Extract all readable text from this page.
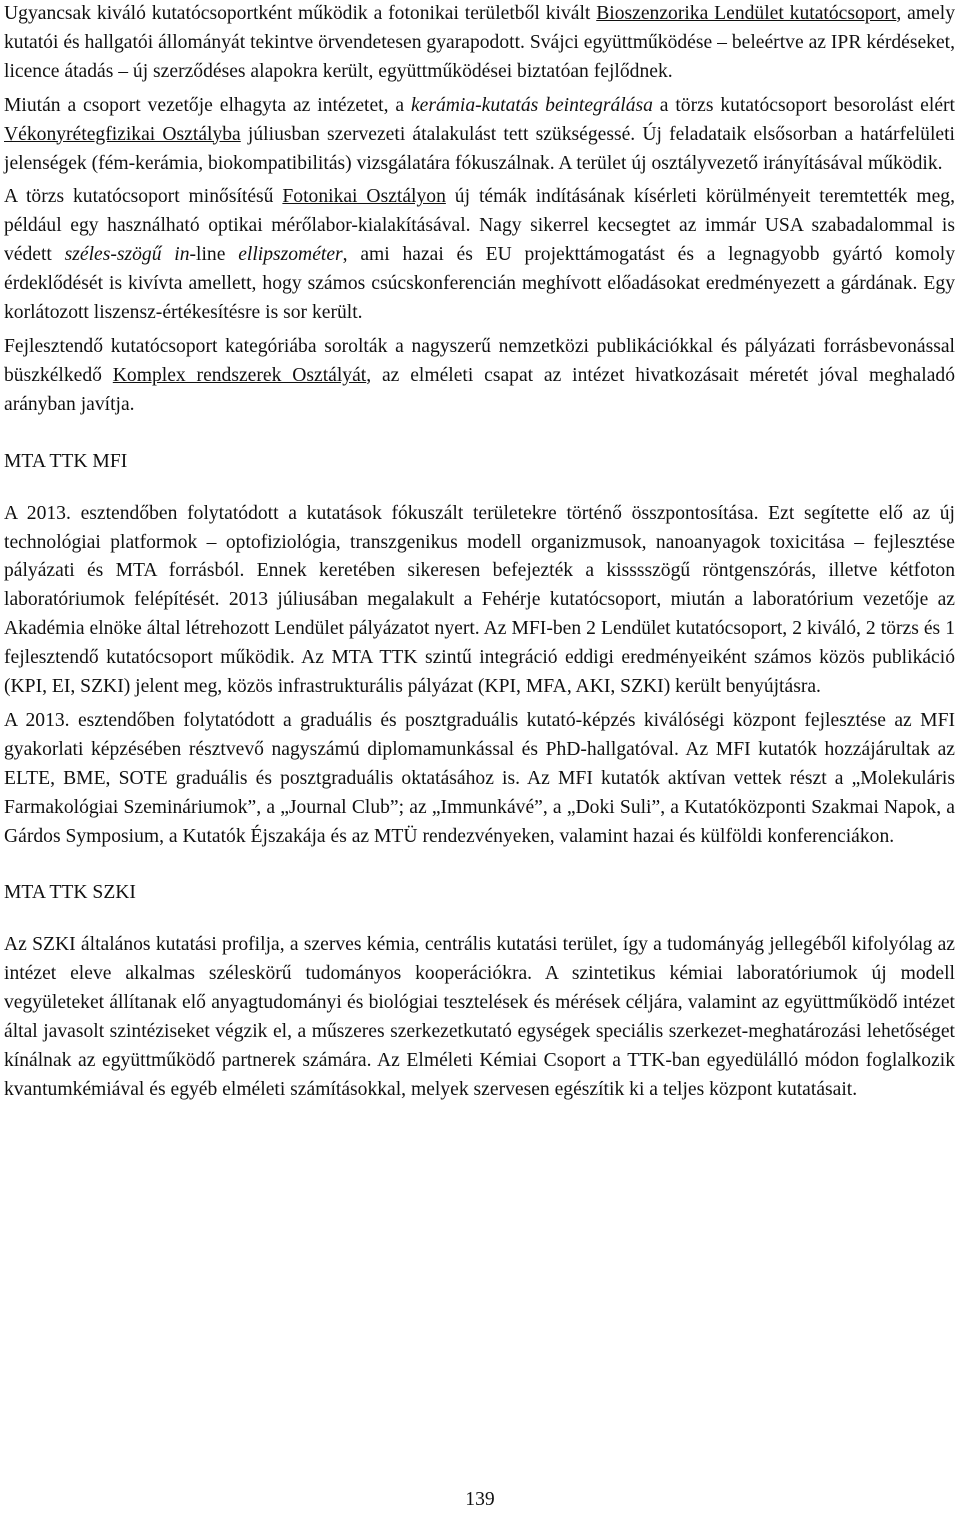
Ugyancsak kiváló kutatócsoportként működik a fotonikai területből kivált Bioszenzorika Lendület kutatócsoport, amely kutatói és hallgatói állományát tekintve örvendetesen gyarapodott. Svájci együttműködése – beleértve az IPR kérdéseket, licence átadás – új szerződéses alapokra került, együttműködései biztatóan fejlődnek.

Miután a csoport vezetője elhagyta az intézetet, a kerámia-kutatás beintegrálása a törzs kutatócsoport besorolást elért Vékonyrétegfizikai Osztályba júliusban szervezeti átalakulást tett szükségessé. Új feladataik elsősorban a határfelületi jelenségek (fém-kerámia, biokompatibilitás) vizsgálatára fókuszálnak. A terület új osztályvezető irányításával működik.

A törzs kutatócsoport minősítésű Fotonikai Osztályon új témák indításának kísérleti körülményeit teremtették meg, például egy használható optikai mérőlabor-kialakításával. Nagy sikerrel kecsegtet az immár USA szabadalommal is védett széles-szögű in-line ellipszométer, ami hazai és EU projekttámogatást és a legnagyobb gyártó komoly érdeklődését is kivívta amellett, hogy számos csúcskonferencián meghívott előadásokat eredményezett a gárdának. Egy korlátozott liszensz-értékesítésre is sor került.

Fejlesztendő kutatócsoport kategóriába sorolták a nagyszerű nemzetközi publikációkkal és pályázati forrásbevonással büszkélkedő Komplex rendszerek Osztályát, az elméleti csapat az intézet hivatkozásait méretét jóval meghaladó arányban javítja.

MTA TTK MFI

A 2013. esztendőben folytatódott a kutatások fókuszált területekre történő összpontosítása. Ezt segítette elő az új technológiai platformok – optofiziológia, transzgenikus modell organizmusok, nanoanyagok toxicitása – fejlesztése pályázati és MTA forrásból. Ennek keretében sikeresen befejezték a kisssszögű röntgenszórás, illetve kétfoton laboratóriumok felépítését. 2013 júliusában megalakult a Fehérje kutatócsoport, miután a laboratórium vezetője az Akadémia elnöke által létrehozott Lendület pályázatot nyert. Az MFI-ben 2 Lendület kutatócsoport, 2 kiváló, 2 törzs és 1 fejlesztendő kutatócsoport működik. Az MTA TTK szintű integráció eddigi eredményeiként számos közös publikáció (KPI, EI, SZKI) jelent meg, közös infrastrukturális pályázat (KPI, MFA, AKI, SZKI) került benyújtásra.

A 2013. esztendőben folytatódott a graduális és posztgraduális kutató-képzés kiválóségi központ fejlesztése az MFI gyakorlati képzésében résztvevő nagyszámú diplomamunkással és PhD-hallgatóval. Az MFI kutatók hozzájárultak az ELTE, BME, SOTE graduális és posztgraduális oktatásához is. Az MFI kutatók aktívan vettek részt a „Molekuláris Farmakológiai Szemináriumok”, a „Journal Club”; az „Immunkávé”, a „Doki Suli”, a Kutatóközponti Szakmai Napok, a Gárdos Symposium, a Kutatók Éjszakája és az MTÜ rendezvényeken, valamint hazai és külföldi konferenciákon.

MTA TTK SZKI

Az SZKI általános kutatási profilja, a szerves kémia, centrális kutatási terület, így a tudományág jellegéből kifolyólag az intézet eleve alkalmas széleskörű tudományos kooperációkra. A szintetikus kémiai laboratóriumok új modell vegyületeket állítanak elő anyagtudományi és biológiai tesztelések és mérések céljára, valamint az együttműködő intézet által javasolt szintéziseket végzik el, a műszeres szerkezetkutató egységek speciális szerkezet-meghatározási lehetőséget kínálnak az együttműködő partnerek számára. Az Elméleti Kémiai Csoport a TTK-ban egyedülálló módon foglalkozik kvantumkémiával és egyéb elméleti számításokkal, melyek szervesen egészítik ki a teljes központ kutatásait.

139
